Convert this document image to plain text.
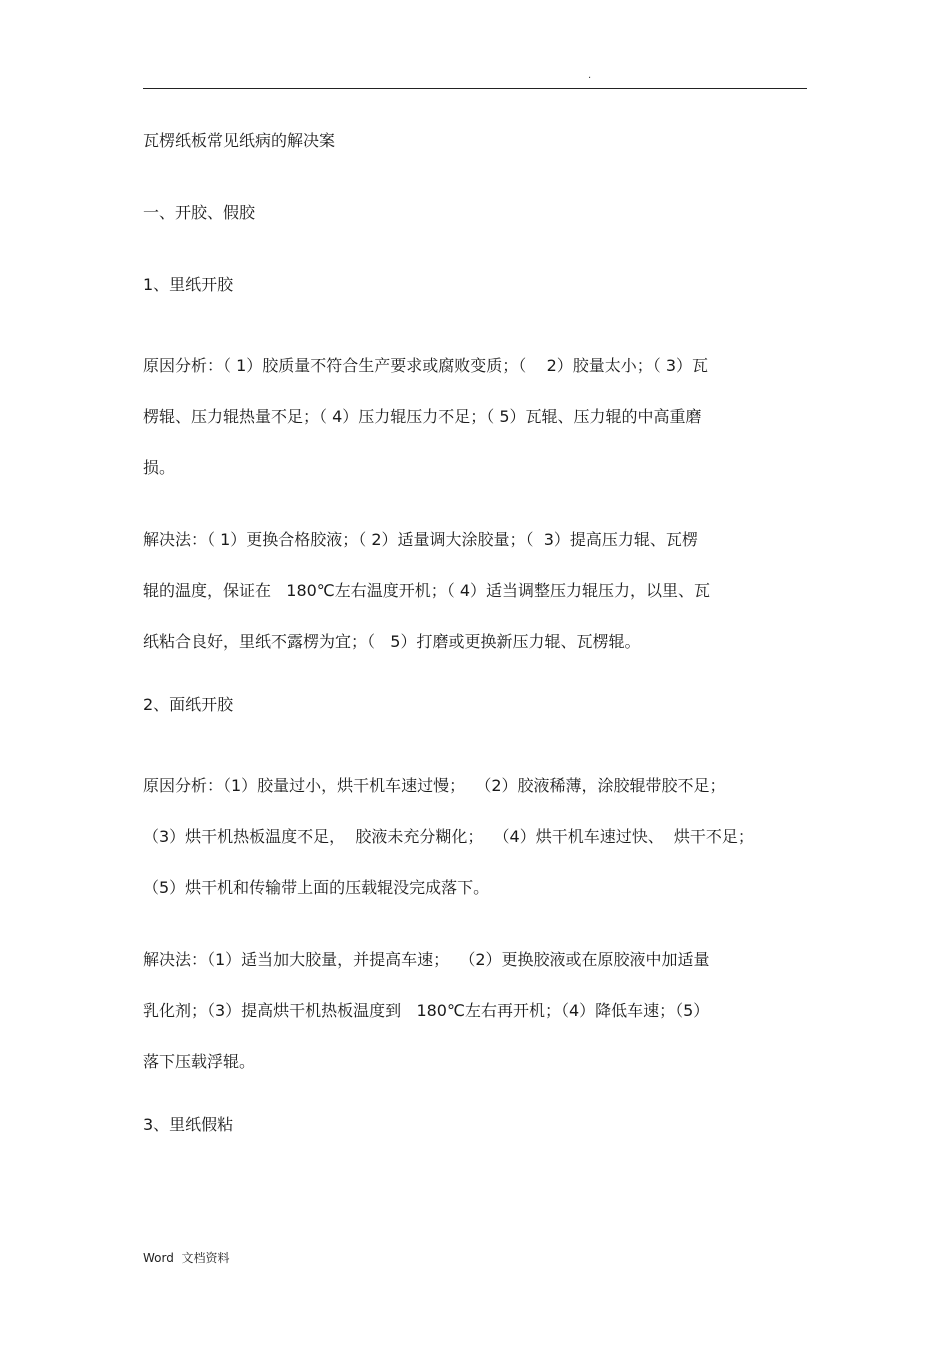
.

瓦楞纸板常见纸病的解决案

一、开胶、假胶

1、里纸开胶

原因分析：（ 1）胶质量不符合生产要求或腐败变质；（    2）胶量太小；（ 3）瓦

楞辊、压力辊热量不足；（ 4）压力辊压力不足；（ 5）瓦辊、压力辊的中高重磨

损。

解决法：（ 1）更换合格胶液；（ 2）适量调大涂胶量；（  3）提高压力辊、瓦楞

辊的温度，保证在   180℃左右温度开机；（ 4）适当调整压力辊压力，以里、瓦

纸粘合良好，里纸不露楞为宜；（   5）打磨或更换新压力辊、瓦楞辊。

2、面纸开胶

原因分析：（1）胶量过小，烘干机车速过慢；  （2）胶液稀薄，涂胶辊带胶不足；

（3）烘干机热板温度不足，  胶液未充分糊化；  （4）烘干机车速过快、  烘干不足；

（5）烘干机和传输带上面的压载辊没完成落下。

解决法：（1）适当加大胶量，并提高车速；  （2）更换胶液或在原胶液中加适量

乳化剂；（3）提高烘干机热板温度到   180℃左右再开机；（4）降低车速；（5）

落下压载浮辊。

3、里纸假粘

Word  文档资料
